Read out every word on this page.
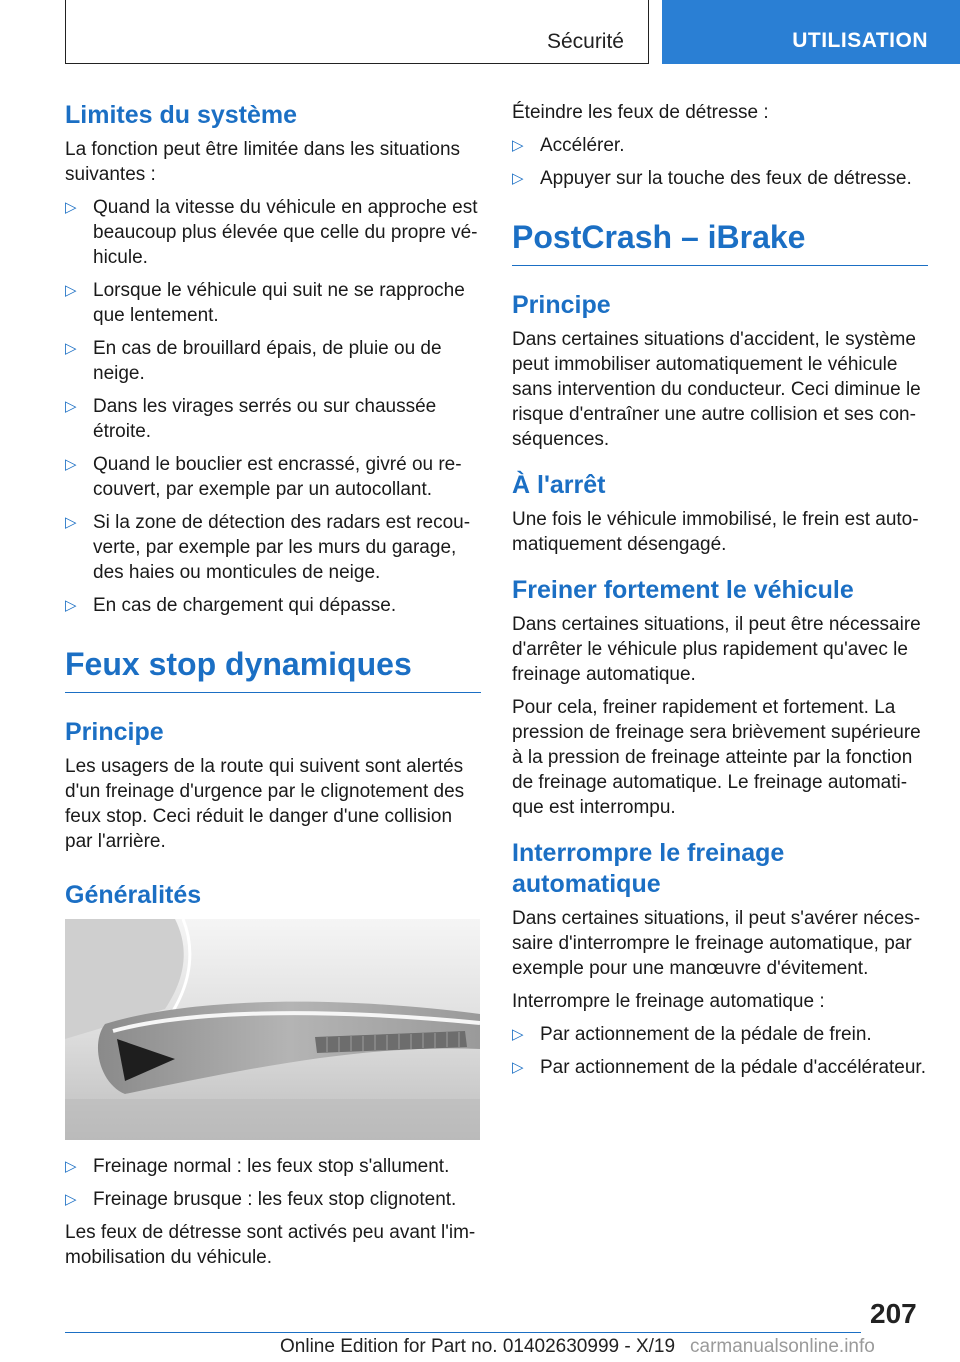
Sécurité	UTILISATION
Limites du système

La fonction peut être limitée dans les situations suivantes :

▷ Quand la vitesse du véhicule en approche est beaucoup plus élevée que celle du propre vé-hicule.
▷ Lorsque le véhicule qui suit ne se rapproche que lentement.
▷ En cas de brouillard épais, de pluie ou de neige.
▷ Dans les virages serrés ou sur chaussée étroite.
▷ Quand le bouclier est encrassé, givré ou re-couvert, par exemple par un autocollant.
▷ Si la zone de détection des radars est recou-verte, par exemple par les murs du garage, des haies ou monticules de neige.
▷ En cas de chargement qui dépasse.
Feux stop dynamiques
Principe

Les usagers de la route qui suivent sont alertés d'un freinage d'urgence par le clignotement des feux stop. Ceci réduit le danger d'une collision par l'arrière.

Généralités
▷ Freinage normal : les feux stop s'allument.
▷ Freinage brusque : les feux stop clignotent.

Les feux de détresse sont activés peu avant l'im-mobilisation du véhicule.

Éteindre les feux de détresse :

▷ Accélérer.
▷ Appuyer sur la touche des feux de détresse.
PostCrash – iBrake
Principe

Dans certaines situations d'accident, le système peut immobiliser automatiquement le véhicule sans intervention du conducteur. Ceci diminue le risque d'entraîner une autre collision et ses con-séquences.

À l'arrêt

Une fois le véhicule immobilisé, le frein est auto-matiquement désengagé.

Freiner fortement le véhicule

Dans certaines situations, il peut être nécessaire d'arrêter le véhicule plus rapidement qu'avec le freinage automatique.

Pour cela, freiner rapidement et fortement. La pression de freinage sera brièvement supérieure à la pression de freinage atteinte par la fonction de freinage automatique. Le freinage automati-que est interrompu.

Interrompre le freinage automatique

Dans certaines situations, il peut s'avérer néces-saire d'interrompre le freinage automatique, par exemple pour une manœuvre d'évitement.

Interrompre le freinage automatique :

▷ Par actionnement de la pédale de frein.
▷ Par actionnement de la pédale d'accélérateur.
207
Online Edition for Part no. 01402630999 - X/19 carmanualsonline.info
